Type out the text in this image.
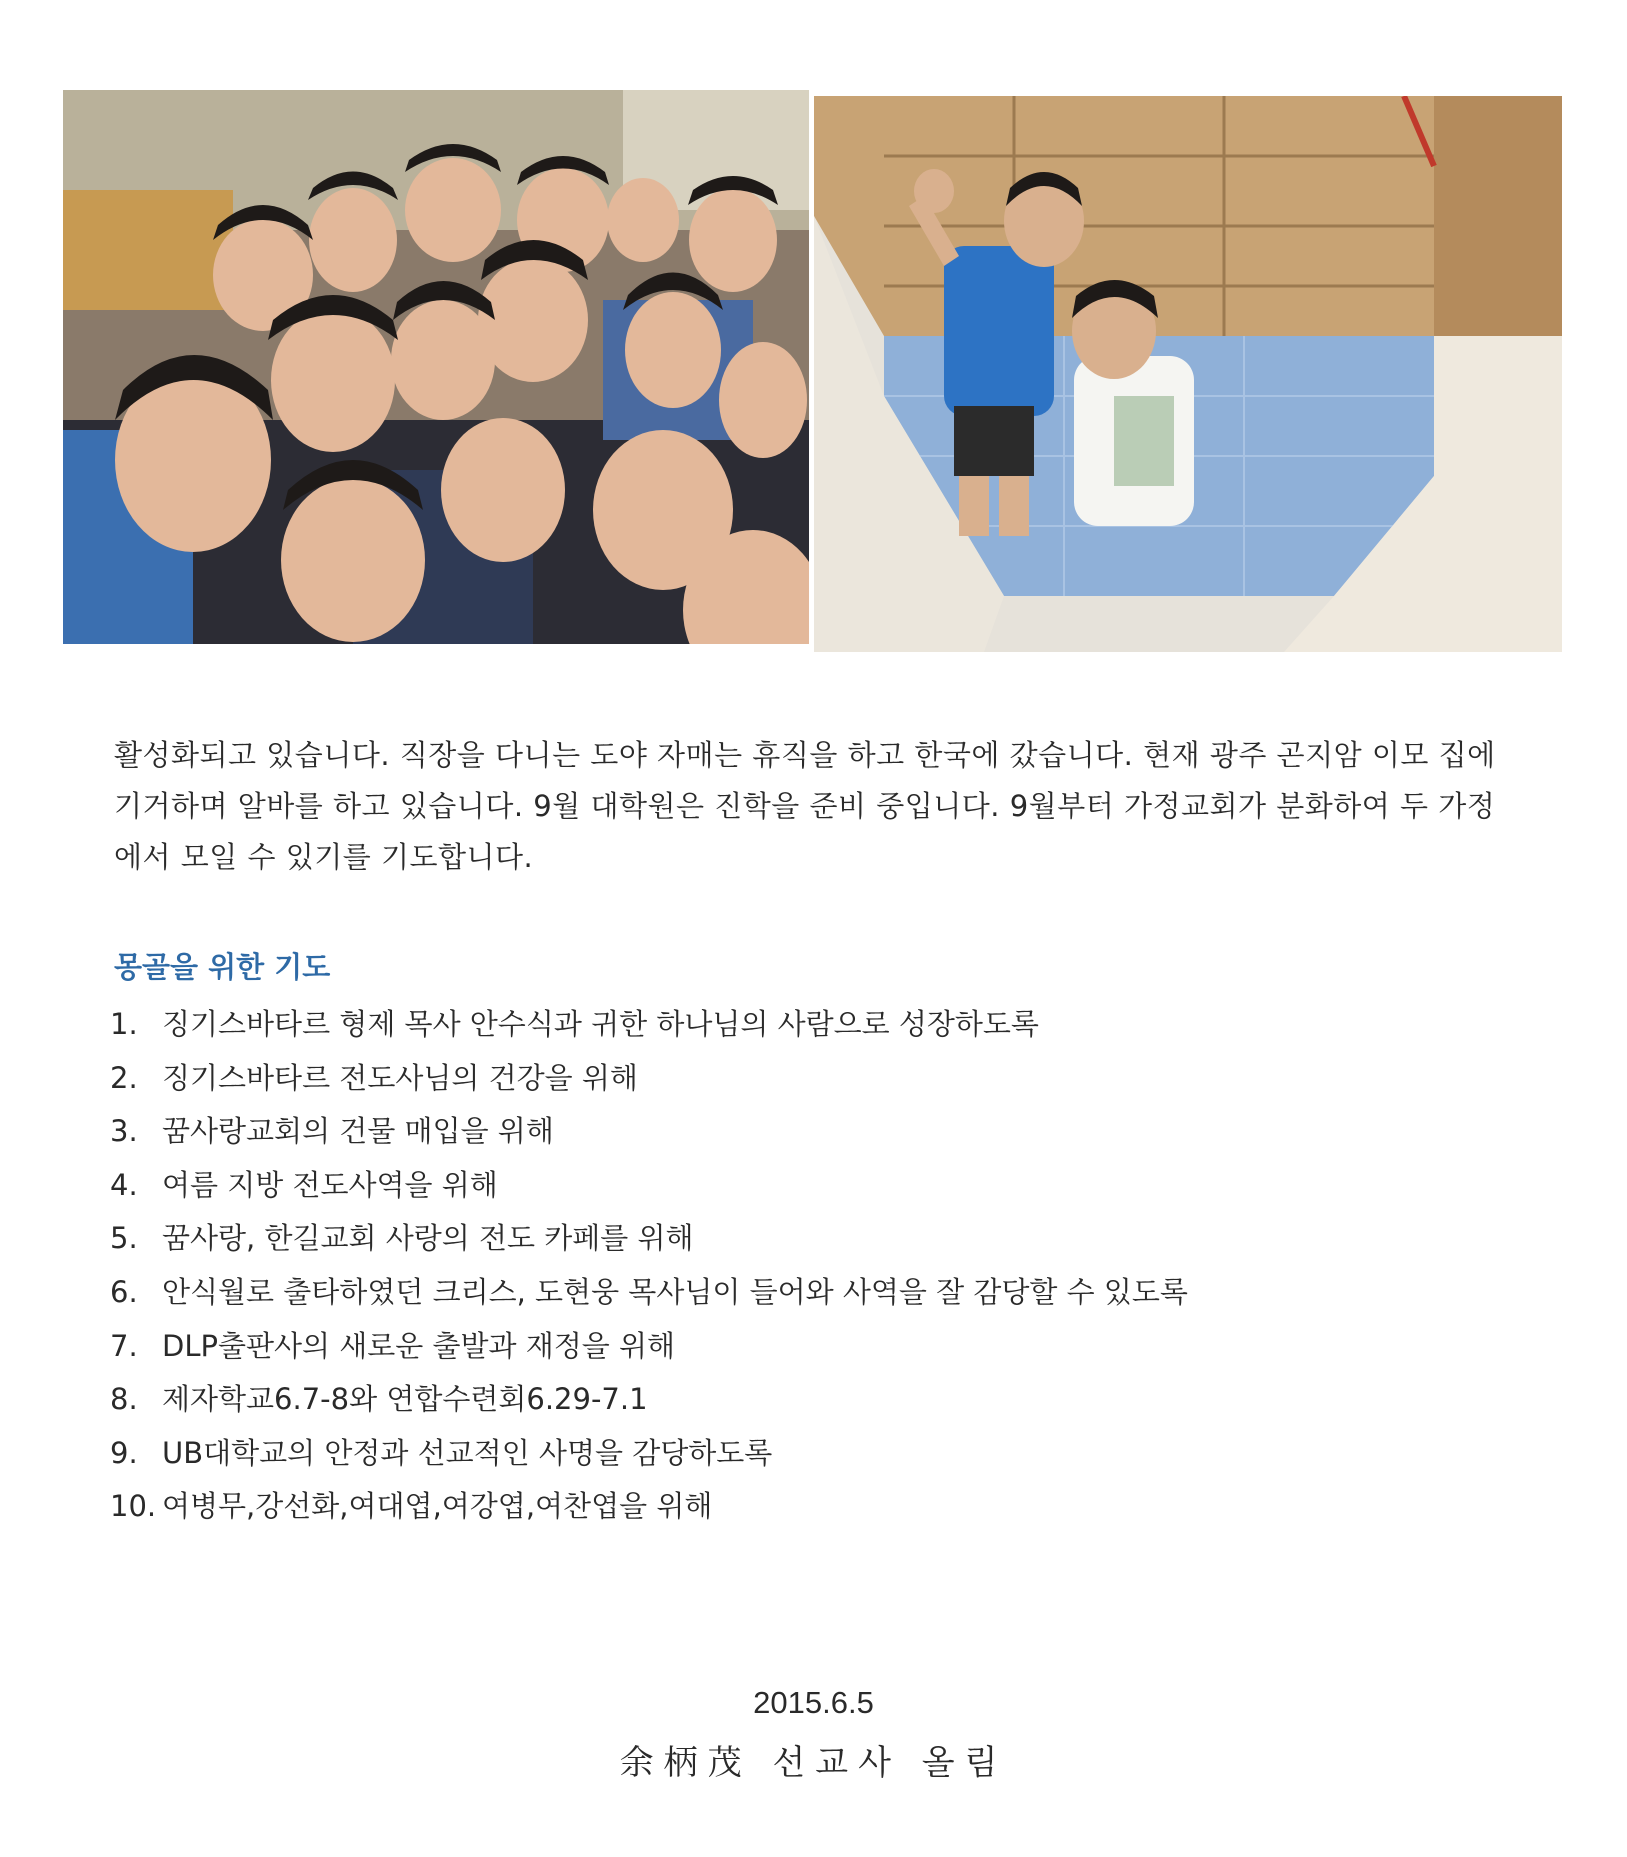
활성화되고 있습니다. 직장을 다니는 도야 자매는 휴직을 하고 한국에 갔습니다. 현재 광주 곤지암 이모 집에 기거하며 알바를 하고 있습니다. 9월 대학원은 진학을 준비 중입니다. 9월부터 가정교회가 분화하여 두 가정에서 모일 수 있기를 기도합니다.

몽골을 위한 기도
1. 징기스바타르 형제 목사 안수식과 귀한 하나님의 사람으로 성장하도록
2. 징기스바타르 전도사님의 건강을 위해
3. 꿈사랑교회의 건물 매입을 위해
4. 여름 지방 전도사역을 위해
5. 꿈사랑, 한길교회 사랑의 전도 카페를 위해
6. 안식월로 출타하였던 크리스, 도현웅 목사님이 들어와 사역을 잘 감당할 수 있도록
7. DLP출판사의 새로운 출발과 재정을 위해
8. 제자학교6.7-8와 연합수련회6.29-7.1
9. UB대학교의 안정과 선교적인 사명을 감당하도록
10. 여병무,강선화,여대엽,여강엽,여찬엽을 위해

2015.6.5

余柄茂 선교사 올림
